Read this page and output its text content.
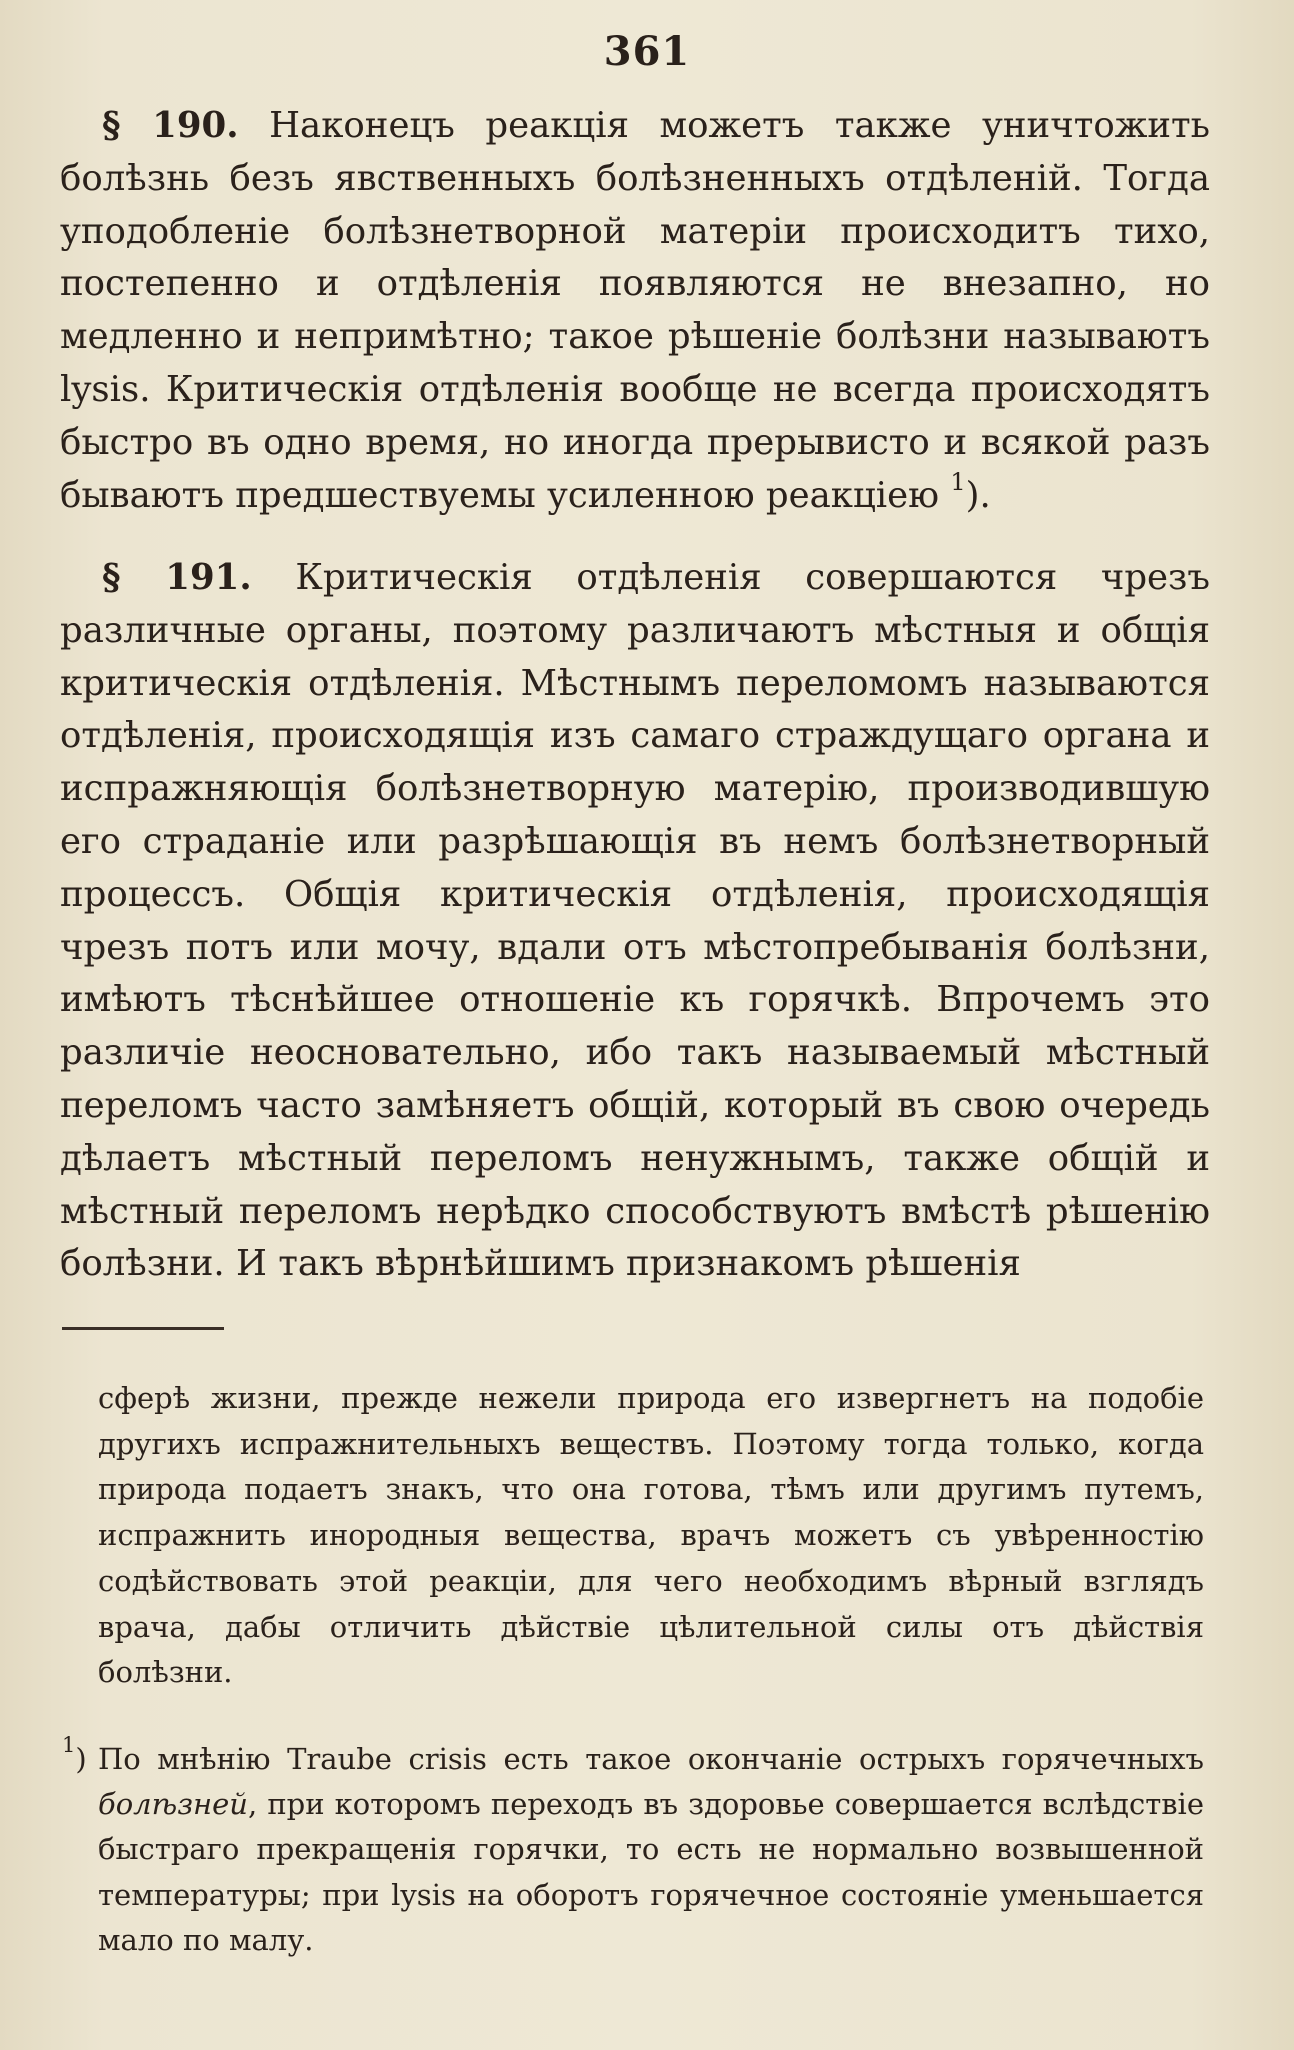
361

§ 190. Наконецъ реакція можетъ также уничтожить болѣзнь безъ явственныхъ болѣзненныхъ отдѣленій. Тогда уподобленіе болѣзнетворной матеріи происходитъ тихо, постепенно и отдѣленія появляются не внезапно, но медленно и непримѣтно; такое рѣшеніе болѣзни называютъ lysis. Критическія отдѣленія вообще не всегда происходятъ быстро въ одно время, но иногда прерывисто и всякой разъ бываютъ предшествуемы усиленною реакціею $^1$).

§ 191. Критическія отдѣленія совершаются чрезъ различные органы, поэтому различаютъ мѣстныя и общія критическія отдѣленія. Мѣстнымъ переломомъ называются отдѣленія, происходящія изъ самаго страждущаго органа и испражняющія болѣзнетворную матерію, производившую его страданіе или разрѣшающія въ немъ болѣзнетворный процессъ. Общія критическія отдѣленія, происходящія чрезъ потъ или мочу, вдали отъ мѣстопребыванія болѣзни, имѣютъ тѣснѣйшее отношеніе къ горячкѣ. Впрочемъ это различіе неосновательно, ибо такъ называемый мѣстный переломъ часто замѣняетъ общій, который въ свою очередь дѣлаетъ мѣстный переломъ ненужнымъ, также общій и мѣстный переломъ нерѣдко способствуютъ вмѣстѣ рѣшенію болѣзни. И такъ вѣрнѣйшимъ признакомъ рѣшенія

сферѣ жизни, прежде нежели природа его извергнетъ на подобіе другихъ испражнительныхъ веществъ. Поэтому тогда только, когда природа подаетъ знакъ, что она готова, тѣмъ или другимъ путемъ, испражнить инородныя вещества, врачъ можетъ съ увѣренностію содѣйствовать этой реакціи, для чего необходимъ вѣрный взглядъ врача, дабы отличить дѣйствіе цѣлительной силы отъ дѣйствія болѣзни.

$^1$) По мнѣнію Traube crisis есть такое окончаніе острыхъ горячечныхъ болѣзней, при которомъ переходъ въ здоровье совершается вслѣдствіе быстраго прекращенія горячки, то есть не нормально возвышенной температуры; при lysis на оборотъ горячечное состояніе уменьшается мало по малу.
